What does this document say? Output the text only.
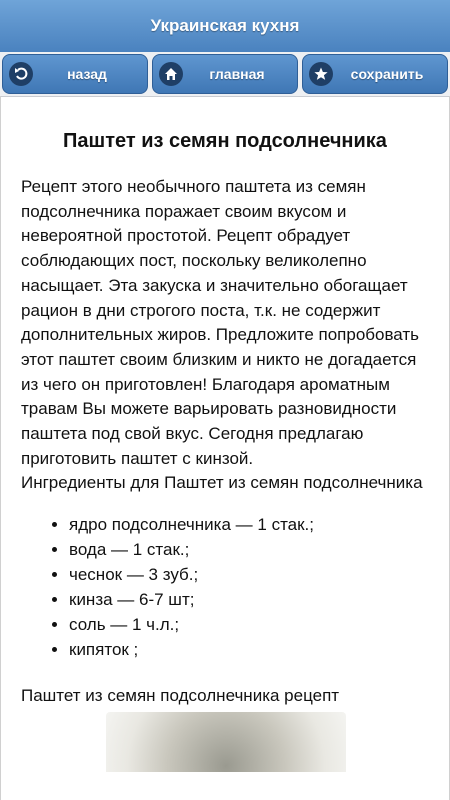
Украинская кухня
назад	главная	сохранить
Паштет из семян подсолнечника
Рецепт этого необычного паштета из семян подсолнечника поражает своим вкусом и невероятной простотой. Рецепт обрадует соблюдающих пост, поскольку великолепно насыщает. Эта закуска и значительно обогащает рацион в дни строгого поста, т.к. не содержит дополнительных жиров. Предложите попробовать этот паштет своим близким и никто не догадается из чего он приготовлен! Благодаря ароматным травам Вы можете варьировать разновидности паштета под свой вкус. Сегодня предлагаю приготовить паштет с кинзой.
Ингредиенты для Паштет из семян подсолнечника
• ядро подсолнечника — 1 стак.;
• вода — 1 стак.;
• чеснок — 3 зуб.;
• кинза — 6-7 шт;
• соль — 1 ч.л.;
• кипяток ;
Паштет из семян подсолнечника рецепт
